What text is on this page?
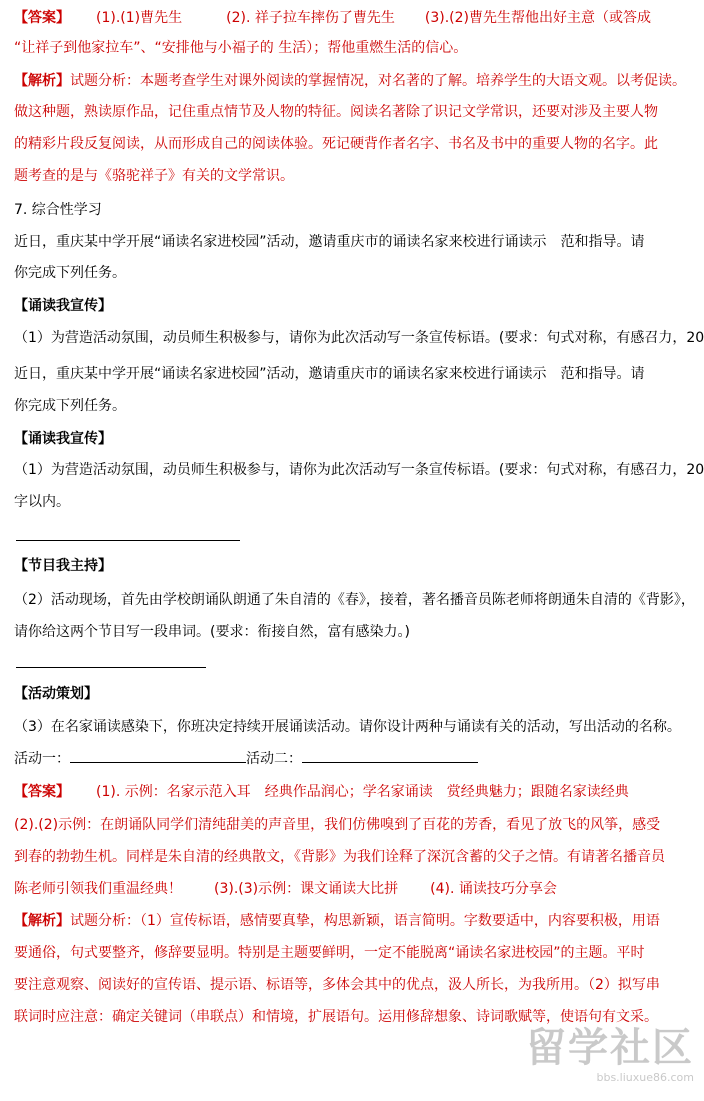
【答案】 (1).(1)曹先生	(2). 祥子拉车摔伤了曹先生 (3).(2)曹先生帮他出好主意（或答成
“让祥子到他家拉车”、“安排他与小福子的 生活）；帮他重燃生活的信心。
【解析】试题分析：本题考查学生对课外阅读的掌握情况，对名著的了解。培养学生的大语文观。以考促读。
做这种题，熟读原作品，记住重点情节及人物的特征。阅读名著除了识记文学常识，还要对涉及主要人物
的精彩片段反复阅读，从而形成自己的阅读体验。死记硬背作者名字、书名及书中的重要人物的名字。此
题考查的是与《骆驼祥子》有关的文学常识。
7. 综合性学习
近日，重庆某中学开展“诵读名家进校园”活动，邀请重庆市的诵读名家来校进行诵读示　范和指导。请
你完成下列任务。
【诵读我宣传】
（1）为营造活动氛围，动员师生积极参与，请你为此次活动写一条宣传标语。(要求：句式对称，有感召力，20
近日，重庆某中学开展“诵读名家进校园”活动，邀请重庆市的诵读名家来校进行诵读示　范和指导。请
你完成下列任务。
【诵读我宣传】
（1）为营造活动氛围，动员师生积极参与，请你为此次活动写一条宣传标语。(要求：句式对称，有感召力，20
字以内。
【节目我主持】
（2）活动现场，首先由学校朗诵队朗通了朱自清的《春》，接着，著名播音员陈老师将朗通朱自清的《背影》，
请你给这两个节目写一段串词。(要求：衔接自然，富有感染力。)
【活动策划】
（3）在名家诵读感染下，你班决定持续开展诵读活动。请你设计两种与诵读有关的活动，写出活动的名称。
活动一：	活动二：
【答案】 (1). 示例：名家示范入耳　经典作品润心；学名家诵读　赏经典魅力；跟随名家读经典
(2).(2)示例：在朗诵队同学们清纯甜美的声音里，我们仿佛嗅到了百花的芳香，看见了放飞的风筝，感受
到春的勃勃生机。同样是朱自清的经典散文，《背影》为我们诠释了深沉含蓄的父子之情。有请著名播音员
陈老师引领我们重温经典！ (3).(3)示例：课文诵读大比拼 (4). 诵读技巧分享会
【解析】试题分析：（1）宣传标语，感情要真挚，构思新颖，语言简明。字数要适中，内容要积极，用语
要通俗，句式要整齐，修辞要显明。特别是主题要鲜明，一定不能脱离“诵读名家进校园”的主题。平时
要注意观察、阅读好的宣传语、提示语、标语等，多体会其中的优点，汲人所长，为我所用。（2）拟写串
联词时应注意：确定关键词（串联点）和情境，扩展语句。运用修辞想象、诗词歌赋等，使语句有文采。
留学社区
bbs.liuxue86.com
